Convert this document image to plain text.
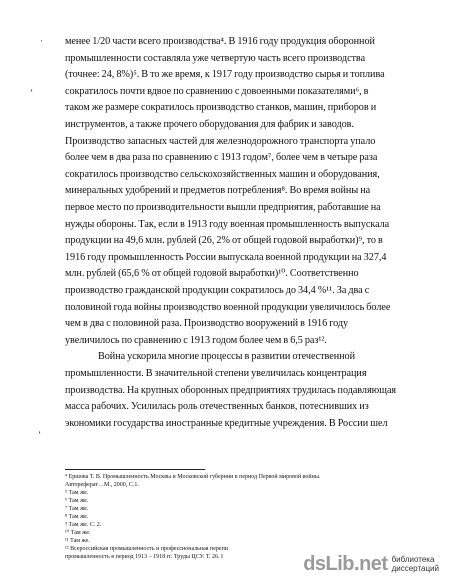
·
ʼ
ʼ
менее 1/20 части всего производства⁴. В 1916 году продукция оборонной
промышленности составляла уже четвертую часть всего производства
(точнее: 24, 8%)⁵. В то же время, к 1917 году производство сырья и топлива
сократилось почти вдвое по сравнению с довоенными показателями⁶, в
таком же размере сократилось производство станков, машин, приборов и
инструментов, а также прочего оборудования для фабрик и заводов.
Производство запасных частей для железнодорожного транспорта упало
более чем в два раза по сравнению с 1913 годом⁷, более чем в четыре раза
сократилось производство сельскохозяйственных машин и оборудования,
минеральных удобрений и предметов потребления⁸. Во время войны на
первое место по производительности вышли предприятия, работавшие на
нужды обороны. Так, если в 1913 году военная промышленность выпускала
продукции на 49,6 млн. рублей (26, 2% от общей годовой выработки)⁹, то в
1916 году промышленность России выпускала военной продукции на 327,4
млн. рублей (65,6 % от общей годовой выработки)¹⁰. Соответственно
производство гражданской продукции сократилось до 34,4 %¹¹. За два с
половиной года войны производство военной продукции увеличилось более
чем в два с половиной раза. Производство вооружений в 1916 году
увеличилось по сравнению с 1913 годом более чем в 6,5 раз¹².
Война ускорила многие процессы в развитии отечественной
промышленности. В значительной степени увеличилась концентрация
производства. На крупных оборонных предприятиях трудилась подавляющая
масса рабочих. Усилилась роль отечественных банков, потеснивших из
экономики государства иностранные кредитные учреждения. В России шел
⁴ Ершова Т. В. Промышленность Москвы и Московской губернии в период Первой мировой войны.
Автореферат…М., 2000, С.1.
⁵ Там же.
⁶ Там же.
⁷ Там же.
⁸ Там же.
⁹ Там же. С. 2.
¹⁰ Там же.
¹¹ Там же.
¹² Всероссийская промышленность и профессиональная перепи
промышленность в период 1913 – 1918 гг. Труды ЦСУ. Т. 26. I	dsLib.net библиотека
диссертаций
